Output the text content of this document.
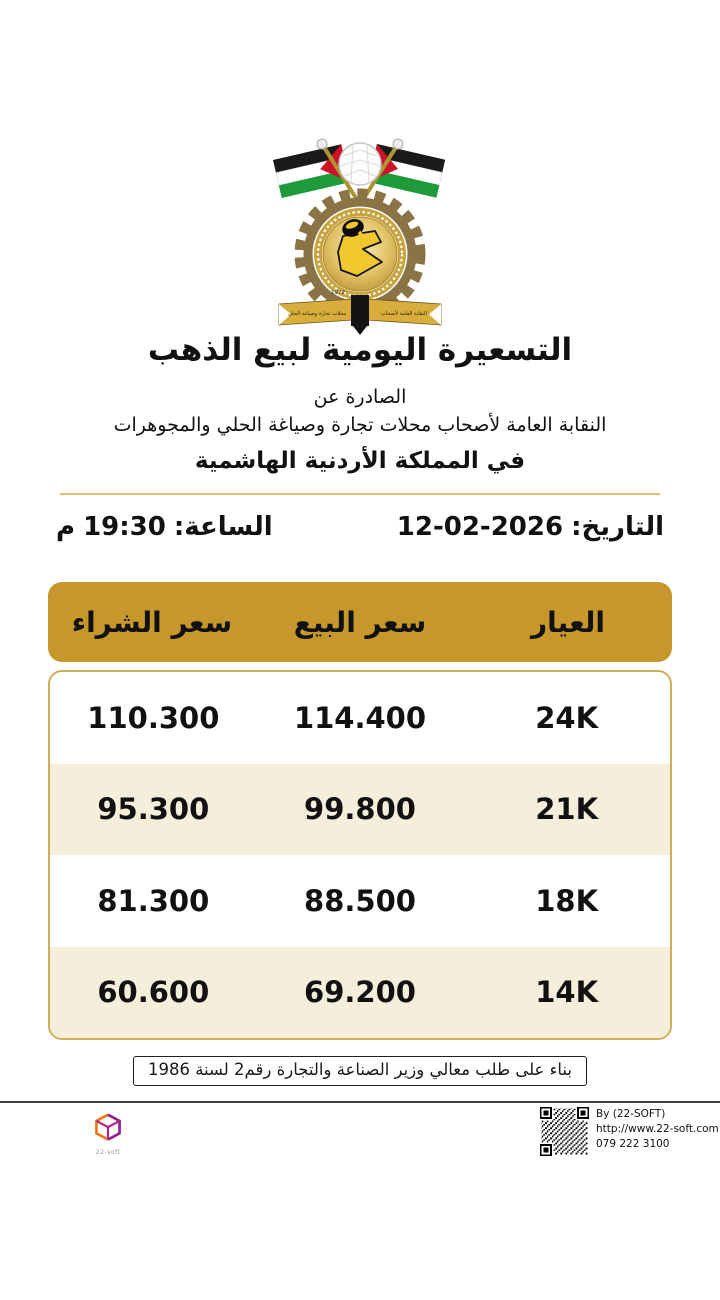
1972
النقابة العامة لأصحاب
محلات تجارة وصياغة الحلي
التسعيرة اليومية لبيع الذهب
الصادرة عن
النقابة العامة لأصحاب محلات تجارة وصياغة الحلي والمجوهرات
في المملكة الأردنية الهاشمية
التاريخ:
12-02-2026
الساعة:
19:30
م
العيار
سعر البيع
سعر الشراء
24K
114.400
110.300
21K
99.800
95.300
18K
88.500
81.300
14K
69.200
60.600
بناء على طلب معالي وزير الصناعة والتجارة رقم2 لسنة 1986
22-soft
By (22-SOFT)
http://www.22-soft.com
079 222 3100
